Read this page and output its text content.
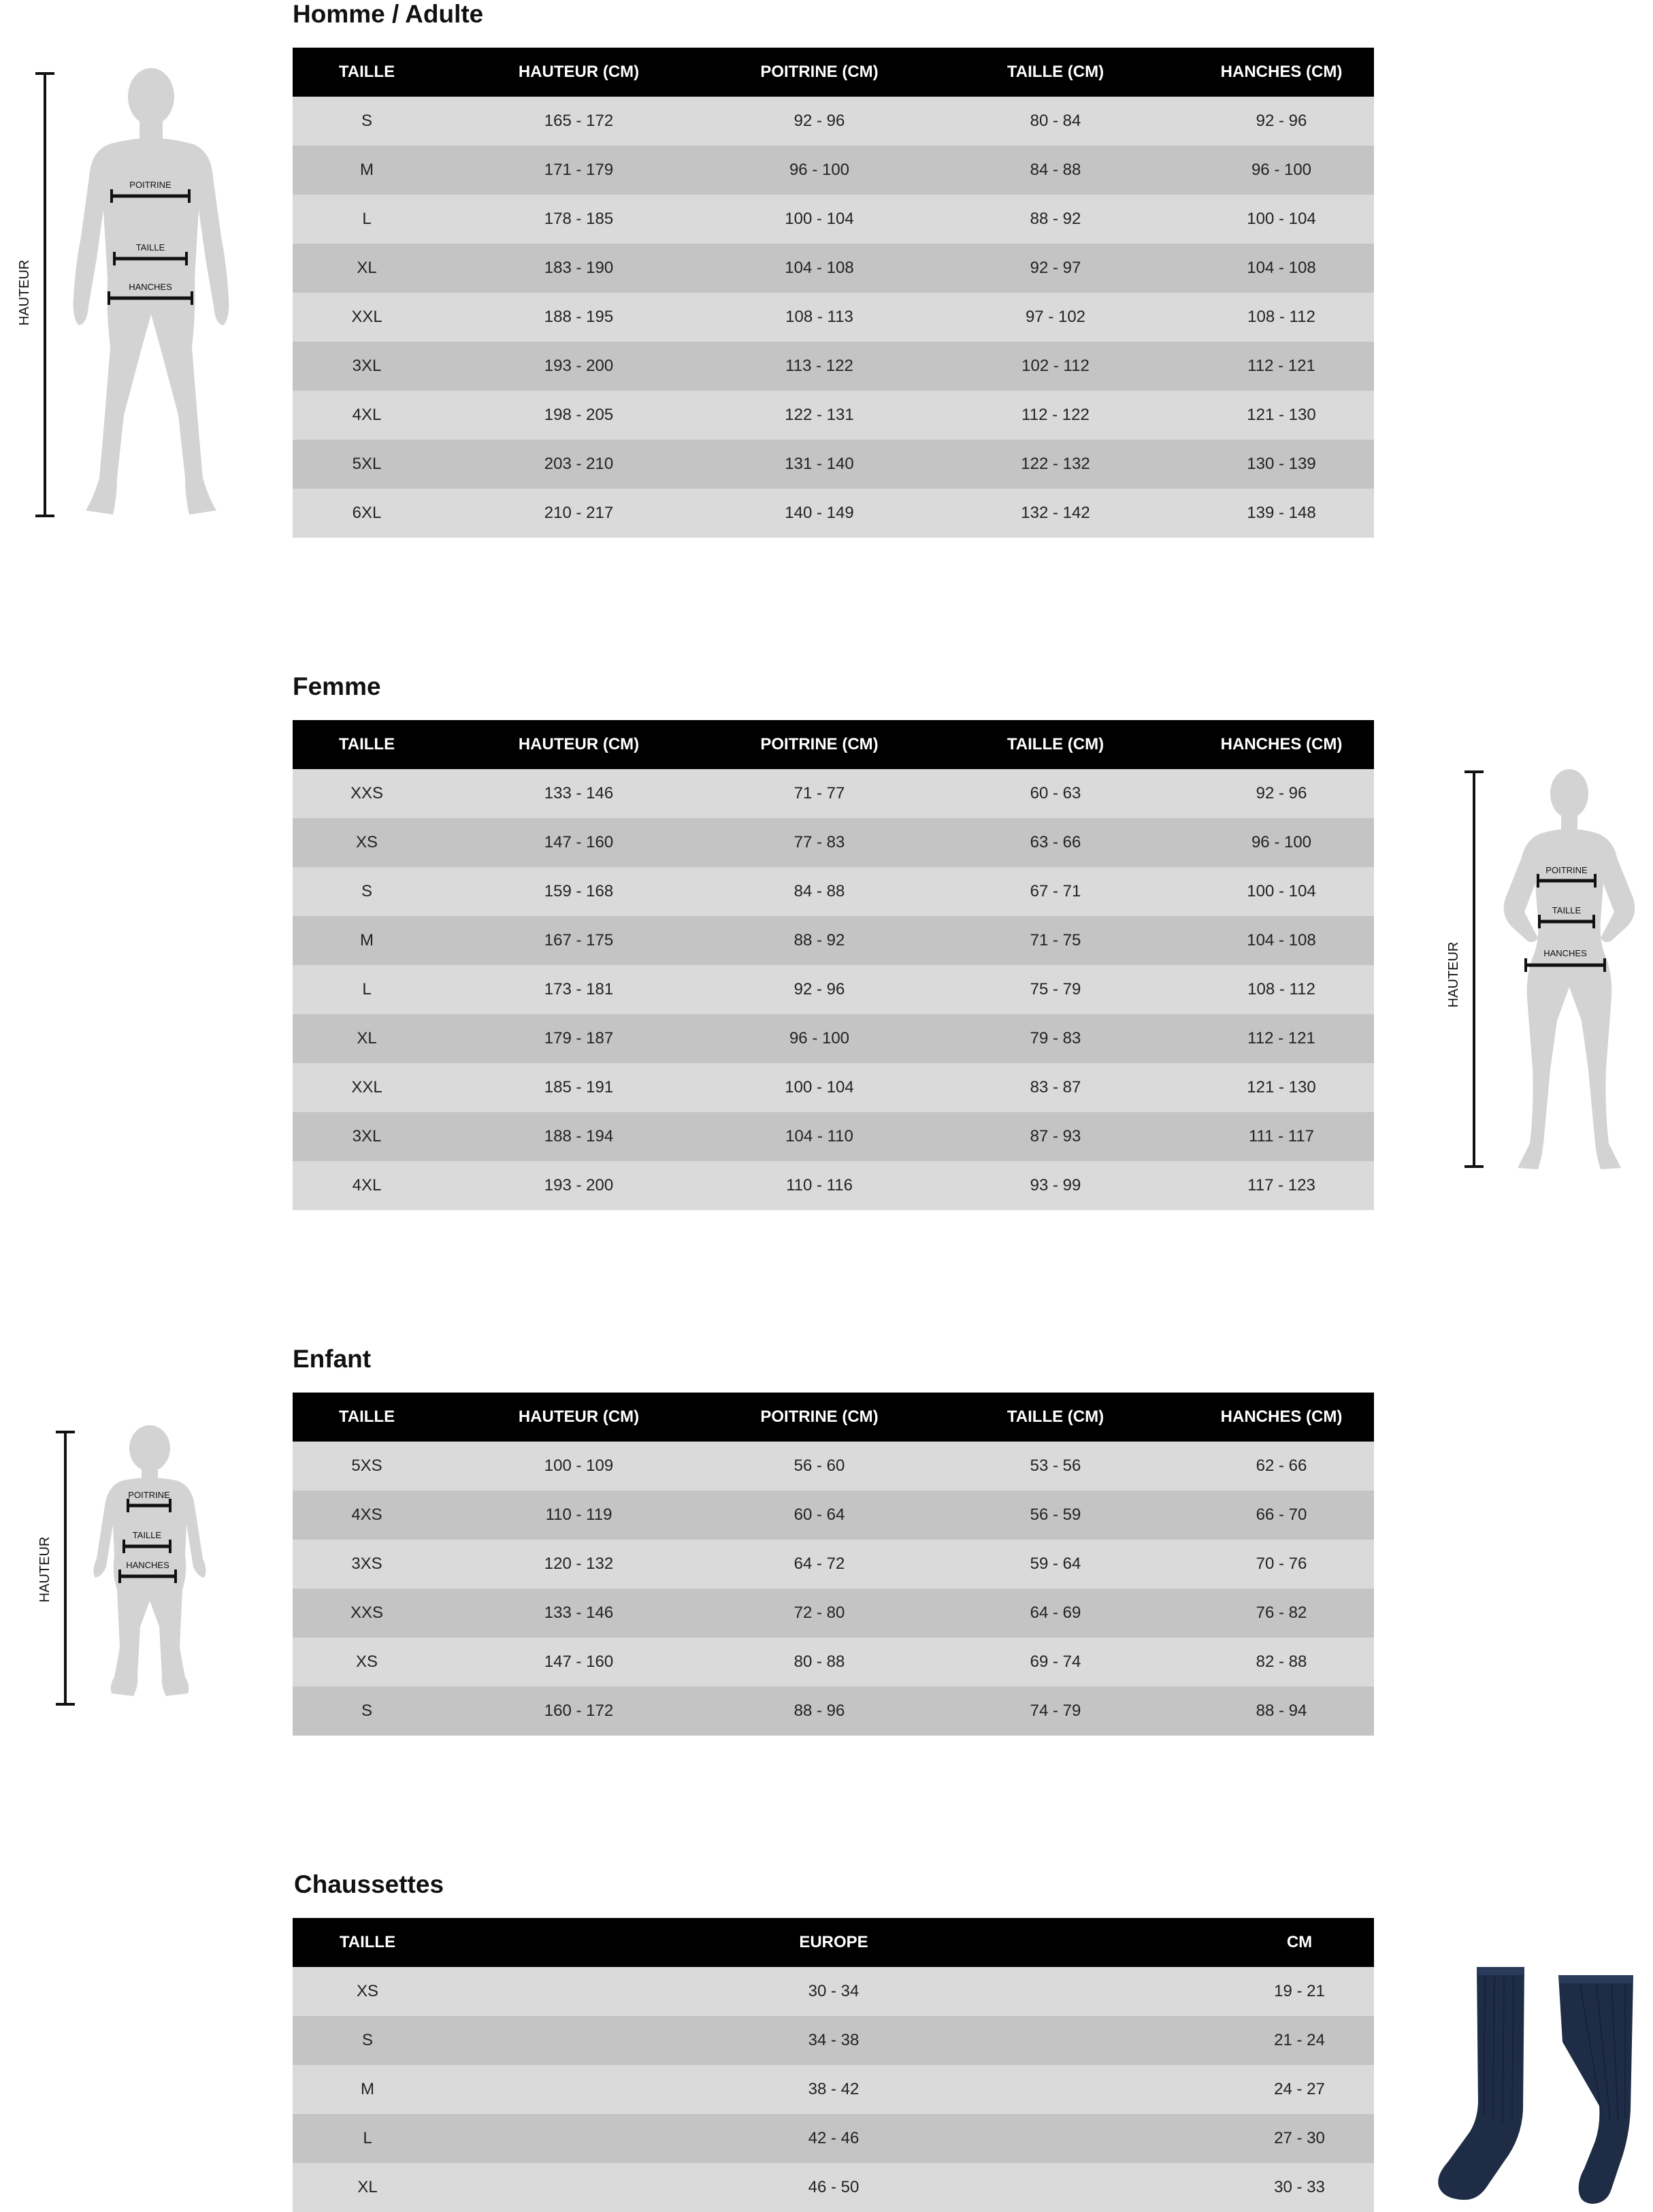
Homme / Adulte
TAILLE	HAUTEUR (CM)	POITRINE (CM)	TAILLE (CM)	HANCHES (CM)
S	165 - 172	92 - 96	80 - 84	92 - 96
M	171 - 179	96 - 100	84 - 88	96 - 100
L	178 - 185	100 - 104	88 - 92	100 - 104
XL	183 - 190	104 - 108	92 - 97	104 - 108
XXL	188 - 195	108 - 113	97 - 102	108 - 112
3XL	193 - 200	113 - 122	102 - 112	112 - 121
4XL	198 - 205	122 - 131	112 - 122	121 - 130
5XL	203 - 210	131 - 140	122 - 132	130 - 139
6XL	210 - 217	140 - 149	132 - 142	139 - 148
Femme
TAILLE	HAUTEUR (CM)	POITRINE (CM)	TAILLE (CM)	HANCHES (CM)
XXS	133 - 146	71 - 77	60 - 63	92 - 96
XS	147 - 160	77 - 83	63 - 66	96 - 100
S	159 - 168	84 - 88	67 - 71	100 - 104
M	167 - 175	88 - 92	71 - 75	104 - 108
L	173 - 181	92 - 96	75 - 79	108 - 112
XL	179 - 187	96 - 100	79 - 83	112 - 121
XXL	185 - 191	100 - 104	83 - 87	121 - 130
3XL	188 - 194	104 - 110	87 - 93	111 - 117
4XL	193 - 200	110 - 116	93 - 99	117 - 123
Enfant
TAILLE	HAUTEUR (CM)	POITRINE (CM)	TAILLE (CM)	HANCHES (CM)
5XS	100 - 109	56 - 60	53 - 56	62 - 66
4XS	110 - 119	60 - 64	56 - 59	66 - 70
3XS	120 - 132	64 - 72	59 - 64	70 - 76
XXS	133 - 146	72 - 80	64 - 69	76 - 82
XS	147 - 160	80 - 88	69 - 74	82 - 88
S	160 - 172	88 - 96	74 - 79	88 - 94
Chaussettes
TAILLE	EUROPE	CM
XS	30 - 34	19 - 21
S	34 - 38	21 - 24
M	38 - 42	24 - 27
L	42 - 46	27 - 30
XL	46 - 50	30 - 33
HAUTEUR
POITRINE
TAILLE
HANCHES
HAUTEUR
POITRINE
TAILLE
HANCHES
HAUTEUR
POITRINE
TAILLE
HANCHES
